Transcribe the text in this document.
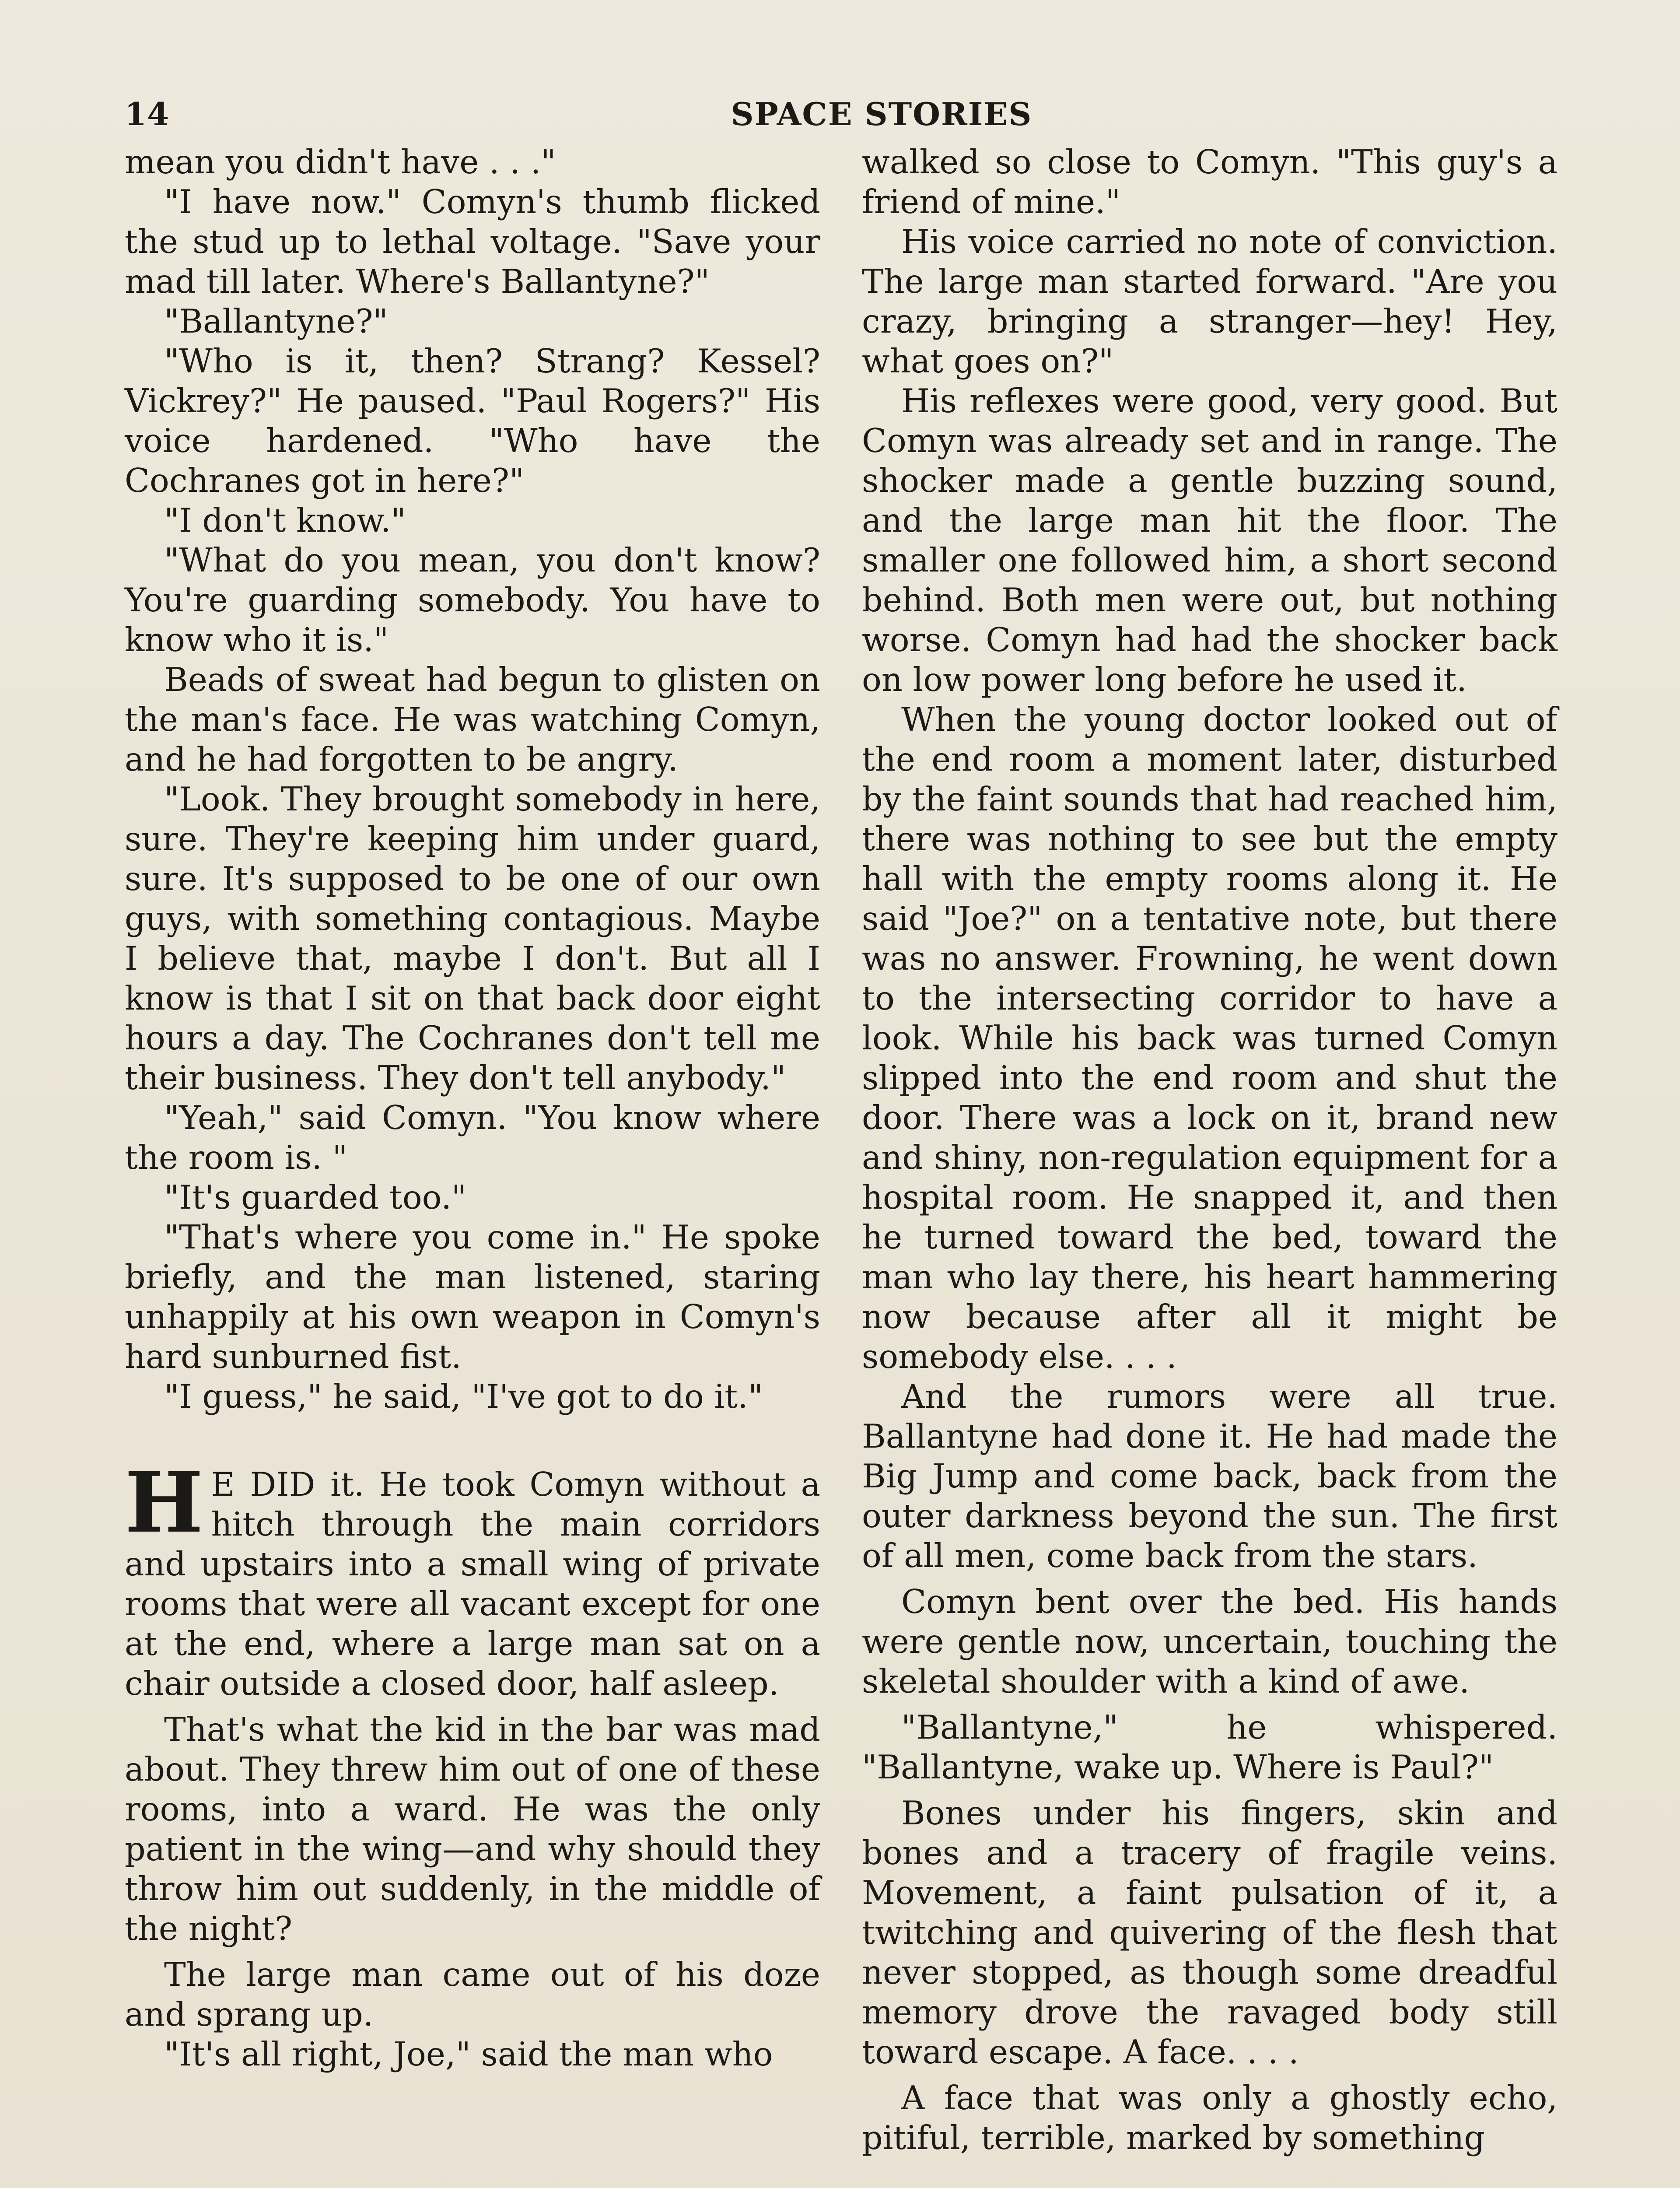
14	SPACE STORIES

mean you didn't have . . ."

"I have now." Comyn's thumb flicked the stud up to lethal voltage. "Save your mad till later. Where's Ballantyne?"

"Ballantyne?"

"Who is it, then? Strang? Kessel? Vickrey?" He paused. "Paul Rogers?" His voice hardened. "Who have the Cochranes got in here?"

"I don't know."

"What do you mean, you don't know? You're guarding somebody. You have to know who it is."

Beads of sweat had begun to glisten on the man's face. He was watching Comyn, and he had forgotten to be angry.

"Look. They brought somebody in here, sure. They're keeping him under guard, sure. It's supposed to be one of our own guys, with something contagious. Maybe I believe that, maybe I don't. But all I know is that I sit on that back door eight hours a day. The Cochranes don't tell me their business. They don't tell anybody."

"Yeah," said Comyn. "You know where the room is. "

"It's guarded too."

"That's where you come in." He spoke briefly, and the man listened, staring unhappily at his own weapon in Comyn's hard sunburned fist.

"I guess," he said, "I've got to do it."

H E DID it. He took Comyn without a hitch through the main corridors and upstairs into a small wing of private rooms that were all vacant except for one at the end, where a large man sat on a chair outside a closed door, half asleep.

That's what the kid in the bar was mad about. They threw him out of one of these rooms, into a ward. He was the only patient in the wing—and why should they throw him out suddenly, in the middle of the night?

The large man came out of his doze and sprang up.

"It's all right, Joe," said the man who

walked so close to Comyn. "This guy's a friend of mine."

His voice carried no note of conviction. The large man started forward. "Are you crazy, bringing a stranger—hey! Hey, what goes on?"

His reflexes were good, very good. But Comyn was already set and in range. The shocker made a gentle buzzing sound, and the large man hit the floor. The smaller one followed him, a short second behind. Both men were out, but nothing worse. Comyn had had the shocker back on low power long before he used it.

When the young doctor looked out of the end room a moment later, disturbed by the faint sounds that had reached him, there was nothing to see but the empty hall with the empty rooms along it. He said "Joe?" on a tentative note, but there was no answer. Frowning, he went down to the intersecting corridor to have a look. While his back was turned Comyn slipped into the end room and shut the door. There was a lock on it, brand new and shiny, non-regulation equipment for a hospital room. He snapped it, and then he turned toward the bed, toward the man who lay there, his heart hammering now because after all it might be somebody else. . . .

And the rumors were all true. Ballantyne had done it. He had made the Big Jump and come back, back from the outer darkness beyond the sun. The first of all men, come back from the stars.

Comyn bent over the bed. His hands were gentle now, uncertain, touching the skeletal shoulder with a kind of awe.

"Ballantyne," he whispered. "Ballantyne, wake up. Where is Paul?"

Bones under his fingers, skin and bones and a tracery of fragile veins. Movement, a faint pulsation of it, a twitching and quivering of the flesh that never stopped, as though some dreadful memory drove the ravaged body still toward escape. A face. . . .

A face that was only a ghostly echo, pitiful, terrible, marked by something
